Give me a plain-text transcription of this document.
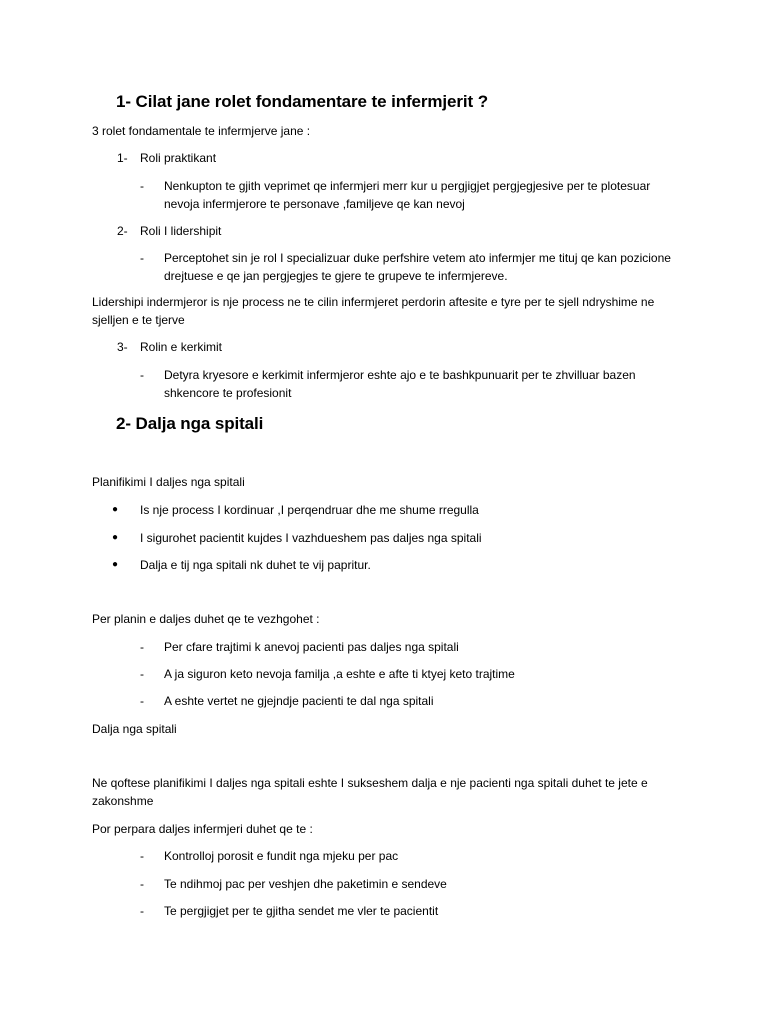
1- Cilat jane rolet fondamentare te infermjerit ?
3 rolet fondamentale te infermjerve jane :
1- Roli praktikant
- Nenkupton te gjith veprimet qe infermjeri merr kur u pergjigjet pergjegjesive per te plotesuar nevoja infermjerore te personave ,familjeve qe kan nevoj
2- Roli I lidershipit
- Perceptohet sin je rol I specializuar duke perfshire vetem ato infermjer me tituj qe kan pozicione drejtuese e qe jan pergjegjes te gjere te grupeve te infermjereve.
Lidershipi indermjeror is nje process ne te cilin infermjeret perdorin aftesite e tyre per te sjell ndryshime ne sjelljen e te tjerve
3- Rolin e kerkimit
- Detyra kryesore e kerkimit infermjeror eshte ajo e te bashkpunuarit per te zhvilluar bazen shkencore te profesionit
2- Dalja nga spitali
Planifikimi I daljes nga spitali
● Is nje process I kordinuar ,I perqendruar dhe me shume rregulla
● I sigurohet pacientit kujdes I vazhdueshem pas daljes nga spitali
● Dalja e tij nga spitali nk duhet te vij papritur.
Per planin e daljes duhet qe te vezhgohet :
- Per cfare trajtimi k anevoj pacienti pas daljes nga spitali
- A ja siguron keto nevoja familja ,a eshte e afte ti ktyej keto trajtime
- A eshte vertet ne gjejndje pacienti te dal nga spitali
Dalja nga spitali
Ne qoftese planifikimi I daljes nga spitali eshte I sukseshem dalja e nje pacienti nga spitali duhet te jete e zakonshme
Por perpara daljes infermjeri duhet qe te :
- Kontrolloj porosit e fundit nga mjeku per pac
- Te ndihmoj pac per veshjen dhe paketimin e sendeve
- Te pergjigjet per te gjitha sendet me vler te pacientit
